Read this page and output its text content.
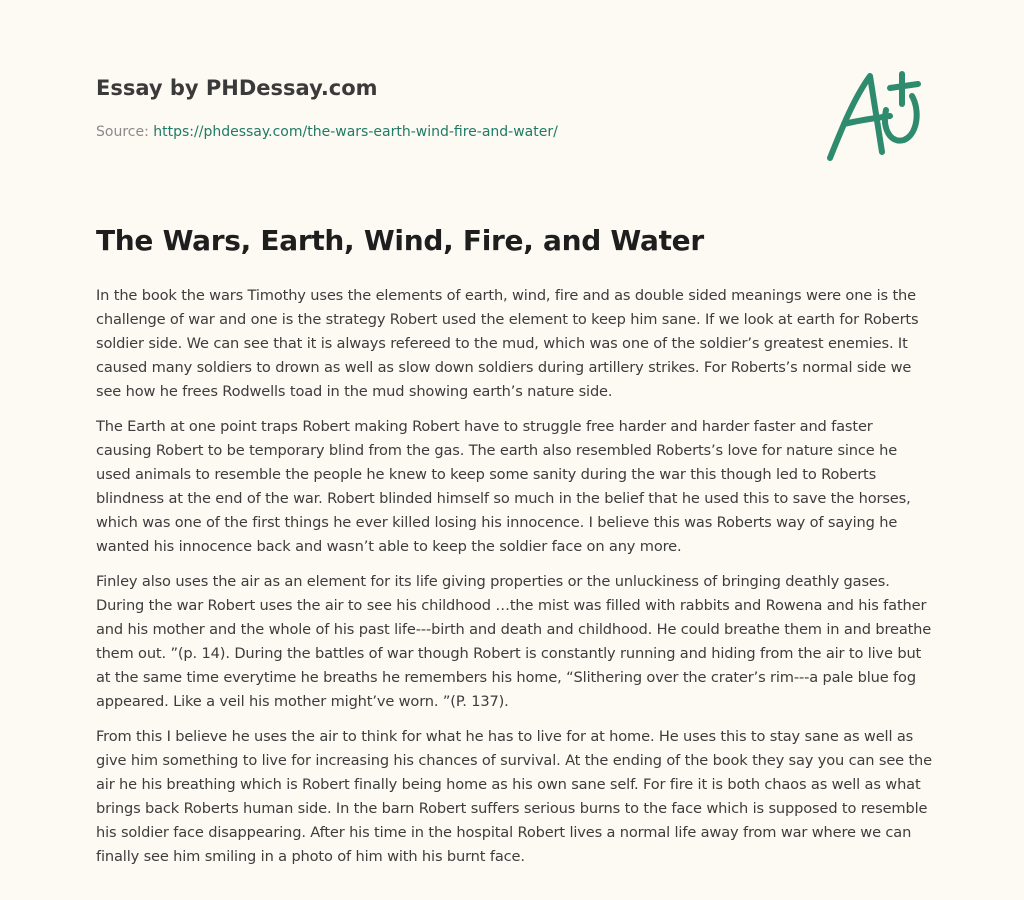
Essay by PHDessay.com
Source: https://phdessay.com/the-wars-earth-wind-fire-and-water/
The Wars, Earth, Wind, Fire, and Water

In the book the wars Timothy uses the elements of earth, wind, fire and as double sided meanings were one is the challenge of war and one is the strategy Robert used the element to keep him sane. If we look at earth for Roberts soldier side. We can see that it is always refereed to the mud, which was one of the soldier’s greatest enemies. It caused many soldiers to drown as well as slow down soldiers during artillery strikes. For Roberts’s normal side we see how he frees Rodwells toad in the mud showing earth’s nature side.

The Earth at one point traps Robert making Robert have to struggle free harder and harder faster and faster causing Robert to be temporary blind from the gas. The earth also resembled Roberts’s love for nature since he used animals to resemble the people he knew to keep some sanity during the war this though led to Roberts blindness at the end of the war. Robert blinded himself so much in the belief that he used this to save the horses, which was one of the first things he ever killed losing his innocence. I believe this was Roberts way of saying he wanted his innocence back and wasn’t able to keep the soldier face on any more.

Finley also uses the air as an element for its life giving properties or the unluckiness of bringing deathly gases. During the war Robert uses the air to see his childhood …the mist was filled with rabbits and Rowena and his father and his mother and the whole of his past life---birth and death and childhood. He could breathe them in and breathe them out. ”(p. 14). During the battles of war though Robert is constantly running and hiding from the air to live but at the same time everytime he breaths he remembers his home, “Slithering over the crater’s rim---a pale blue fog appeared. Like a veil his mother might’ve worn. ”(P. 137).

From this I believe he uses the air to think for what he has to live for at home. He uses this to stay sane as well as give him something to live for increasing his chances of survival. At the ending of the book they say you can see the air he his breathing which is Robert finally being home as his own sane self. For fire it is both chaos as well as what brings back Roberts human side. In the barn Robert suffers serious burns to the face which is supposed to resemble his soldier face disappearing. After his time in the hospital Robert lives a normal life away from war where we can finally see him smiling in a photo of him with his burnt face.
